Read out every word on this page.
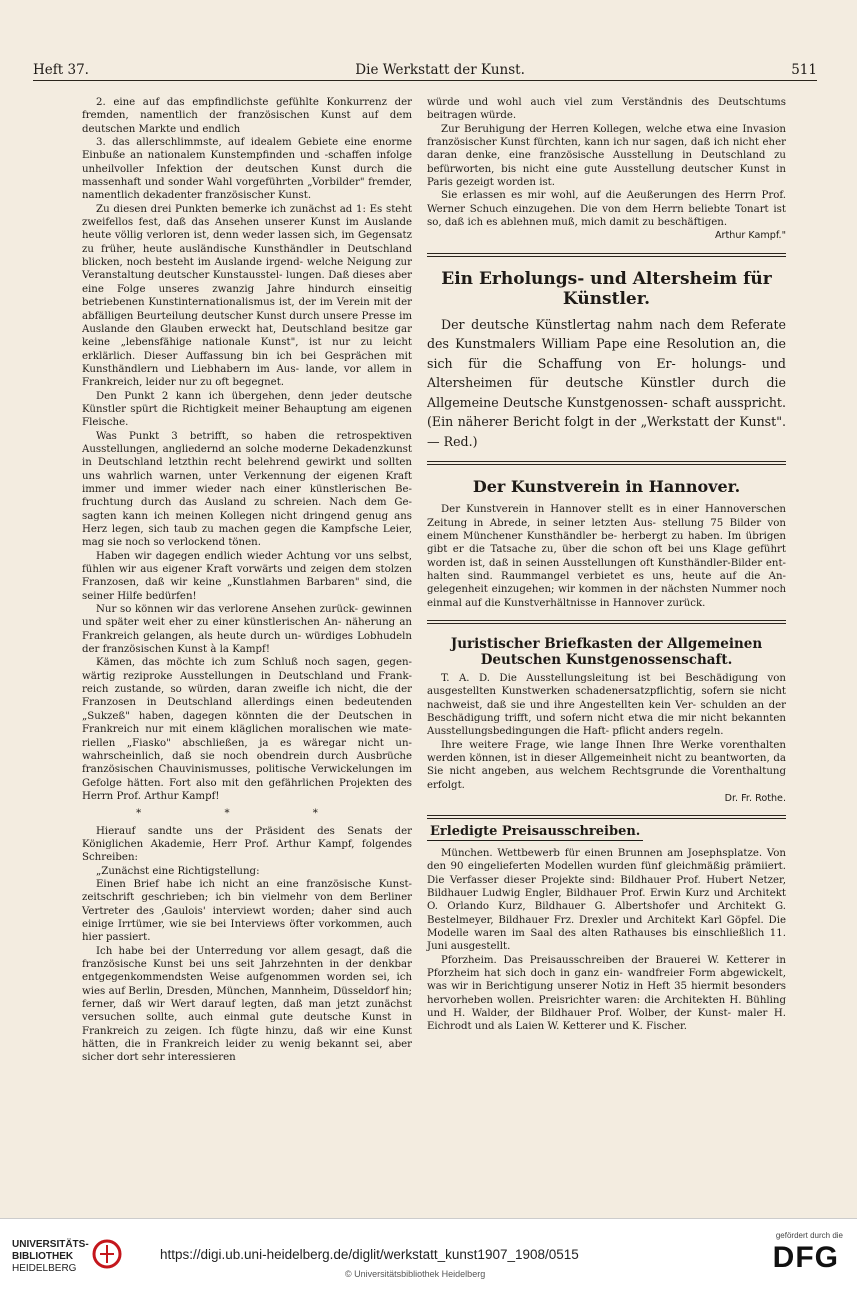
Heft 37.	Die Werkstatt der Kunst.	511

2. eine auf das empfindlichste gefühlte Konkurrenz der fremden, namentlich der französischen Kunst auf dem deutschen Markte und endlich

3. das allerschlimmste, auf idealem Gebiete eine enorme Einbuße an nationalem Kunstempfinden und -schaffen infolge unheilvoller Infektion der deutschen Kunst durch die massenhaft und sonder Wahl vorgeführten „Vorbilder" fremder, namentlich dekadenter französischer Kunst.

Zu diesen drei Punkten bemerke ich zunächst ad 1: Es steht zweifellos fest, daß das Ansehen unserer Kunst im Auslande heute völlig verloren ist, denn weder lassen sich, im Gegensatz zu früher, heute ausländische Kunsthändler in Deutschland blicken, noch besteht im Auslande irgend- welche Neigung zur Veranstaltung deutscher Kunstausstel- lungen. Daß dieses aber eine Folge unseres zwanzig Jahre hindurch einseitig betriebenen Kunstinternationalismus ist, der im Verein mit der abfälligen Beurteilung deutscher Kunst durch unsere Presse im Auslande den Glauben erweckt hat, Deutschland besitze gar keine „lebensfähige nationale Kunst", ist nur zu leicht erklärlich. Dieser Auffassung bin ich bei Gesprächen mit Kunsthändlern und Liebhabern im Aus- lande, vor allem in Frankreich, leider nur zu oft begegnet.

Den Punkt 2 kann ich übergehen, denn jeder deutsche Künstler spürt die Richtigkeit meiner Behauptung am eigenen Fleische.

Was Punkt 3 betrifft, so haben die retrospektiven Ausstellungen, angliedernd an solche moderne Dekadenzkunst in Deutschland letzthin recht belehrend gewirkt und sollten uns wahrlich warnen, unter Verkennung der eigenen Kraft immer und immer wieder nach einer künstlerischen Be- fruchtung durch das Ausland zu schreien. Nach dem Ge- sagten kann ich meinen Kollegen nicht dringend genug ans Herz legen, sich taub zu machen gegen die Kampfsche Leier, mag sie noch so verlockend tönen.

Haben wir dagegen endlich wieder Achtung vor uns selbst, fühlen wir aus eigener Kraft vorwärts und zeigen dem stolzen Franzosen, daß wir keine „Kunstlahmen Barbaren" sind, die seiner Hilfe bedürfen!

Nur so können wir das verlorene Ansehen zurück- gewinnen und später weit eher zu einer künstlerischen An- näherung an Frankreich gelangen, als heute durch un- würdiges Lobhudeln der französischen Kunst à la Kampf!

Kämen, das möchte ich zum Schluß noch sagen, gegen- wärtig reziproke Ausstellungen in Deutschland und Frank- reich zustande, so würden, daran zweifle ich nicht, die der Franzosen in Deutschland allerdings einen bedeutenden „Sukzeß" haben, dagegen könnten die der Deutschen in Frankreich nur mit einem kläglichen moralischen wie mate- riellen „Fiasko" abschließen, ja es wäregar nicht un- wahrscheinlich, daß sie noch obendrein durch Ausbrüche französischen Chauvinismusses, politische Verwickelungen im Gefolge hätten. Fort also mit den gefährlichen Projekten des Herrn Prof. Arthur Kampf!

* * *

Hierauf sandte uns der Präsident des Senats der Königlichen Akademie, Herr Prof. Arthur Kampf, folgendes Schreiben:

„Zunächst eine Richtigstellung:

Einen Brief habe ich nicht an eine französische Kunst- zeitschrift geschrieben; ich bin vielmehr von dem Berliner Vertreter des ‚Gaulois' interviewt worden; daher sind auch einige Irrtümer, wie sie bei Interviews öfter vorkommen, auch hier passiert.

Ich habe bei der Unterredung vor allem gesagt, daß die französische Kunst bei uns seit Jahrzehnten in der denkbar entgegenkommendsten Weise aufgenommen worden sei, ich wies auf Berlin, Dresden, München, Mannheim, Düsseldorf hin; ferner, daß wir Wert darauf legten, daß man jetzt zunächst versuchen sollte, auch einmal gute deutsche Kunst in Frankreich zu zeigen. Ich fügte hinzu, daß wir eine Kunst hätten, die in Frankreich leider zu wenig bekannt sei, aber sicher dort sehr interessieren

würde und wohl auch viel zum Verständnis des Deutschtums beitragen würde.

Zur Beruhigung der Herren Kollegen, welche etwa eine Invasion französischer Kunst fürchten, kann ich nur sagen, daß ich nicht eher daran denke, eine französische Ausstellung in Deutschland zu befürworten, bis nicht eine gute Ausstellung deutscher Kunst in Paris gezeigt worden ist.

Sie erlassen es mir wohl, auf die Aeußerungen des Herrn Prof. Werner Schuch einzugehen. Die von dem Herrn beliebte Tonart ist so, daß ich es ablehnen muß, mich damit zu beschäftigen.

Arthur Kampf."
Ein Erholungs- und Altersheim für Künstler.

Der deutsche Künstlertag nahm nach dem Referate des Kunstmalers William Pape eine Resolution an, die sich für die Schaffung von Er- holungs- und Altersheimen für deutsche Künstler durch die Allgemeine Deutsche Kunstgenossen- schaft ausspricht. (Ein näherer Bericht folgt in der „Werkstatt der Kunst". — Red.)

Der Kunstverein in Hannover.

Der Kunstverein in Hannover stellt es in einer Hannoverschen Zeitung in Abrede, in seiner letzten Aus- stellung 75 Bilder von einem Münchener Kunsthändler be- herbergt zu haben. Im übrigen gibt er die Tatsache zu, über die schon oft bei uns Klage geführt worden ist, daß in seinen Ausstellungen oft Kunsthändler-Bilder ent- halten sind. Raummangel verbietet es uns, heute auf die An- gelegenheit einzugehen; wir kommen in der nächsten Nummer noch einmal auf die Kunstverhältnisse in Hannover zurück.

Juristischer Briefkasten der Allgemeinen Deutschen Kunstgenossenschaft.

T. A. D. Die Ausstellungsleitung ist bei Beschädigung von ausgestellten Kunstwerken schadenersatzpflichtig, sofern sie nicht nachweist, daß sie und ihre Angestellten kein Ver- schulden an der Beschädigung trifft, und sofern nicht etwa die mir nicht bekannten Ausstellungsbedingungen die Haft- pflicht anders regeln.

Ihre weitere Frage, wie lange Ihnen Ihre Werke vorenthalten werden können, ist in dieser Allgemeinheit nicht zu beantworten, da Sie nicht angeben, aus welchem Rechtsgrunde die Vorenthaltung erfolgt.

Dr. Fr. Rothe.
Erledigte Preisausschreiben.

München. Wettbewerb für einen Brunnen am Josephsplatze. Von den 90 eingelieferten Modellen wurden fünf gleichmäßig prämiiert. Die Verfasser dieser Projekte sind: Bildhauer Prof. Hubert Netzer, Bildhauer Ludwig Engler, Bildhauer Prof. Erwin Kurz und Architekt O. Orlando Kurz, Bildhauer G. Albertshofer und Architekt G. Bestelmeyer, Bildhauer Frz. Drexler und Architekt Karl Göpfel. Die Modelle waren im Saal des alten Rathauses bis einschließlich 11. Juni ausgestellt.

Pforzheim. Das Preisausschreiben der Brauerei W. Ketterer in Pforzheim hat sich doch in ganz ein- wandfreier Form abgewickelt, was wir in Berichtigung unserer Notiz in Heft 35 hiermit besonders hervorheben wollen. Preisrichter waren: die Architekten H. Bühling und H. Walder, der Bildhauer Prof. Wolber, der Kunst- maler H. Eichrodt und als Laien W. Ketterer und K. Fischer.

UNIVERSITÄTS-
BIBLIOTHEK
HEIDELBERG
https://digi.ub.uni-heidelberg.de/diglit/werkstatt_kunst1907_1908/0515
© Universitätsbibliothek Heidelberg
gefördert durch die
DFG
